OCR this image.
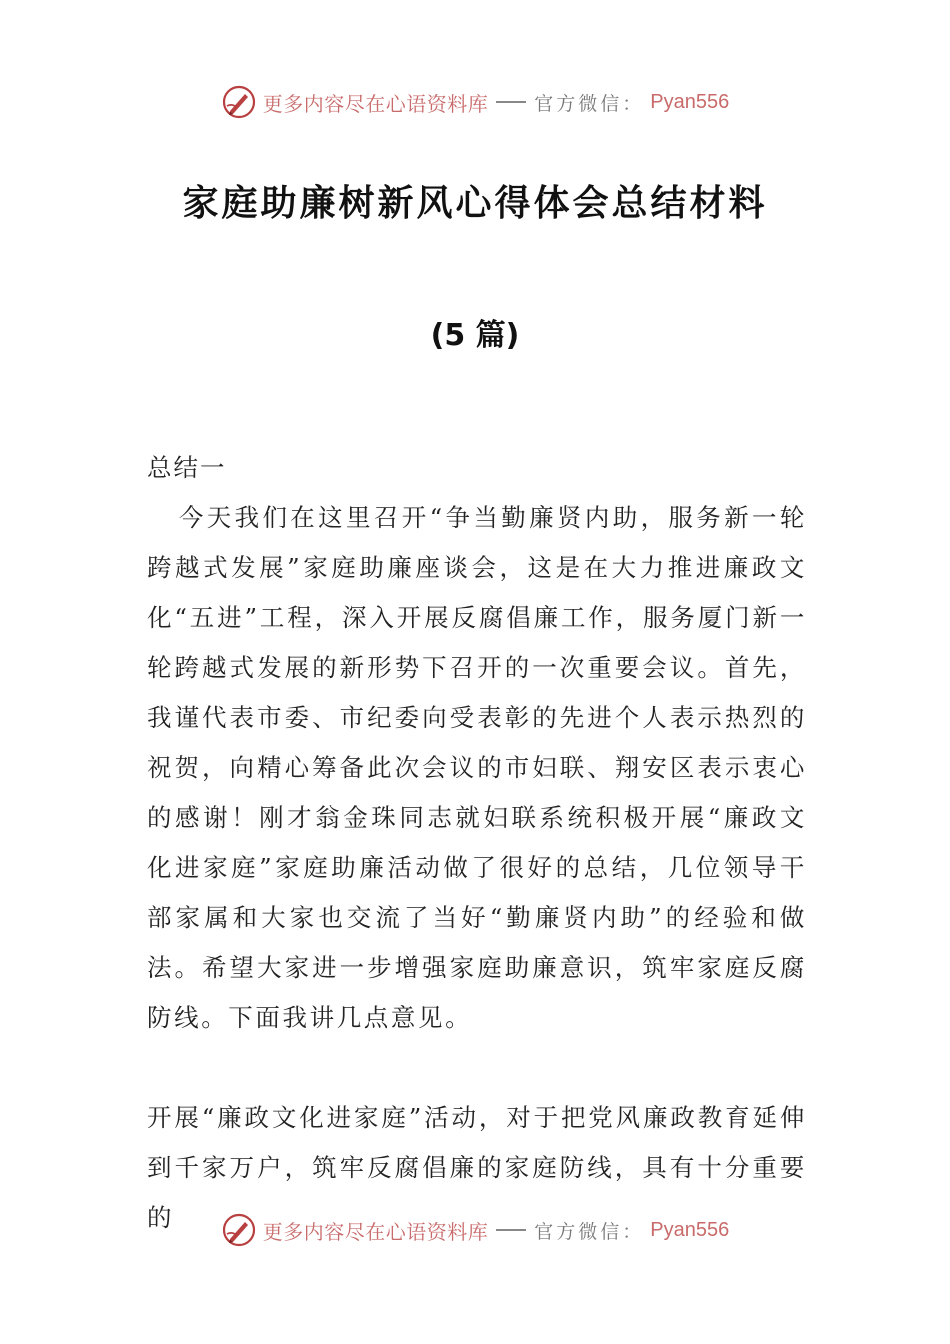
更多内容尽在心语资料库 官方微信： Pyan556
家庭助廉树新风心得体会总结材料
(5 篇)

总结一

今天我们在这里召开“争当勤廉贤内助，服务新一轮跨越式发展”家庭助廉座谈会，这是在大力推进廉政文化“五进”工程，深入开展反腐倡廉工作，服务厦门新一轮跨越式发展的新形势下召开的一次重要会议。首先，我谨代表市委、市纪委向受表彰的先进个人表示热烈的祝贺，向精心筹备此次会议的市妇联、翔安区表示衷心的感谢！刚才翁金珠同志就妇联系统积极开展“廉政文化进家庭”家庭助廉活动做了很好的总结，几位领导干部家属和大家也交流了当好“勤廉贤内助”的经验和做法。希望大家进一步增强家庭助廉意识，筑牢家庭反腐防线。下面我讲几点意见。

开展“廉政文化进家庭”活动，对于把党风廉政教育延伸到千家万户，筑牢反腐倡廉的家庭防线，具有十分重要的	更多内容尽在心语资料库 官方微信： Pyan556
